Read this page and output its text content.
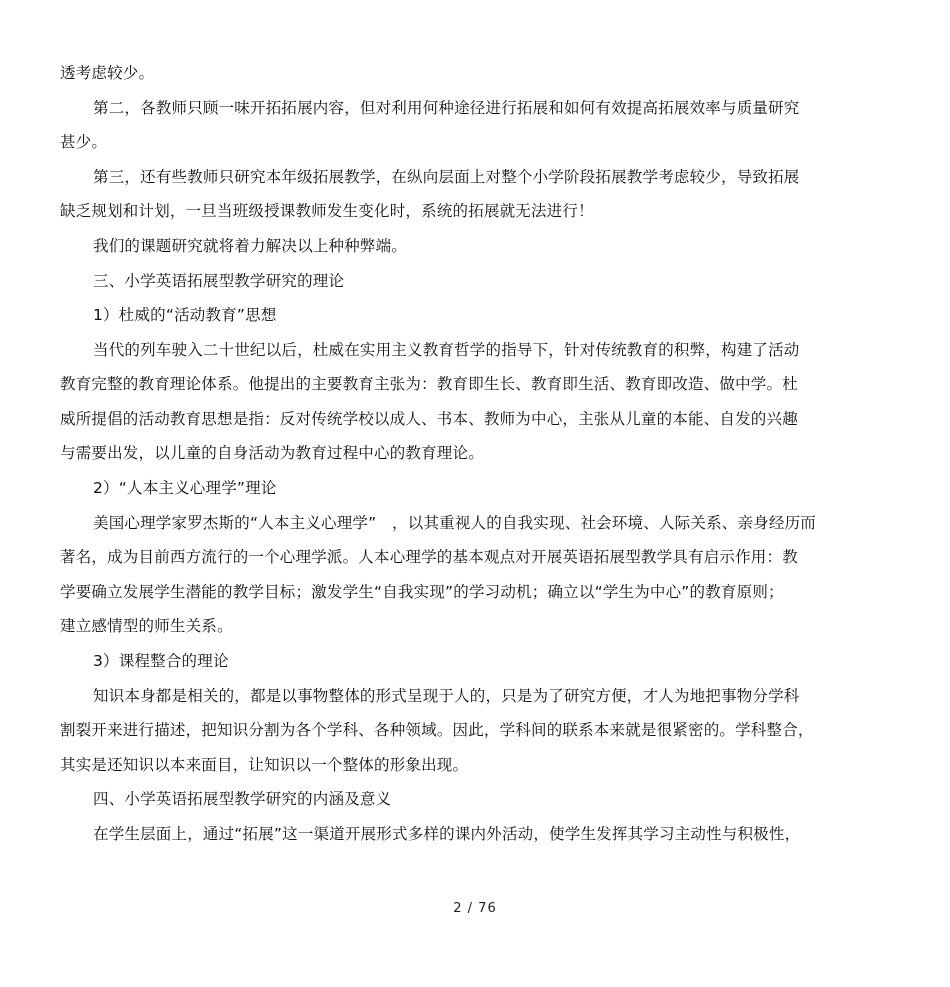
透考虑较少。
第二，各教师只顾一味开拓拓展内容，但对利用何种途径进行拓展和如何有效提高拓展效率与质量研究
甚少。
第三，还有些教师只研究本年级拓展教学，在纵向层面上对整个小学阶段拓展教学考虑较少，导致拓展
缺乏规划和计划，一旦当班级授课教师发生变化时，系统的拓展就无法进行！
我们的课题研究就将着力解决以上种种弊端。
三、小学英语拓展型教学研究的理论
1）杜威的“活动教育”思想
当代的列车驶入二十世纪以后，杜威在实用主义教育哲学的指导下，针对传统教育的积弊，构建了活动
教育完整的教育理论体系。他提出的主要教育主张为：教育即生长、教育即生活、教育即改造、做中学。杜
威所提倡的活动教育思想是指：反对传统学校以成人、书本、教师为中心，主张从儿童的本能、自发的兴趣
与需要出发，以儿童的自身活动为教育过程中心的教育理论。
2）“人本主义心理学”理论
美国心理学家罗杰斯的“人本主义心理学”　，以其重视人的自我实现、社会环境、人际关系、亲身经历而
著名，成为目前西方流行的一个心理学派。人本心理学的基本观点对开展英语拓展型教学具有启示作用：教
学要确立发展学生潜能的教学目标；激发学生“自我实现”的学习动机；确立以“学生为中心”的教育原则；
建立感情型的师生关系。
3）课程整合的理论
知识本身都是相关的，都是以事物整体的形式呈现于人的，只是为了研究方便，才人为地把事物分学科
割裂开来进行描述，把知识分割为各个学科、各种领域。因此，学科间的联系本来就是很紧密的。学科整合，
其实是还知识以本来面目，让知识以一个整体的形象出现。
四、小学英语拓展型教学研究的内涵及意义
在学生层面上，通过“拓展”这一渠道开展形式多样的课内外活动，使学生发挥其学习主动性与积极性，
2 / 76
